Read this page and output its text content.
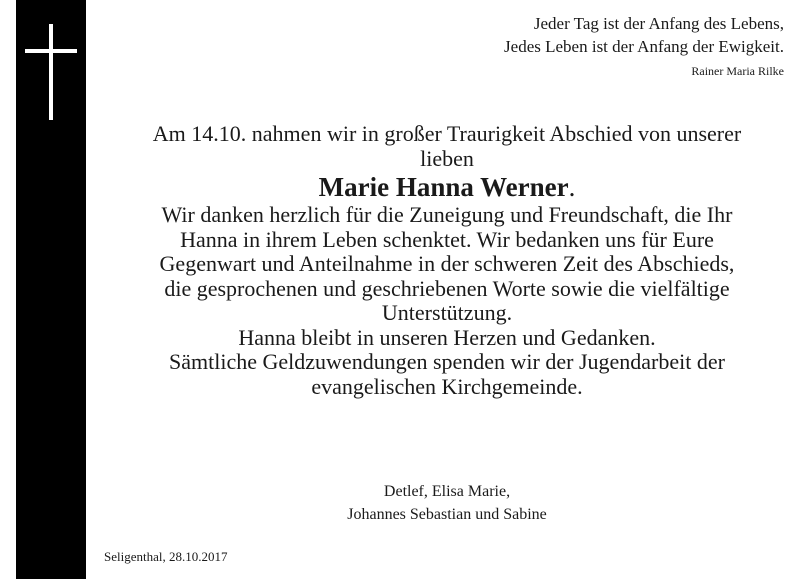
Jeder Tag ist der Anfang des Lebens,
Jedes Leben ist der Anfang der Ewigkeit.
Rainer Maria Rilke
Am 14.10. nahmen wir in großer Traurigkeit Abschied von unserer
lieben
Marie Hanna Werner.
Wir danken herzlich für die Zuneigung und Freundschaft, die Ihr
Hanna in ihrem Leben schenktet. Wir bedanken uns für Eure
Gegenwart und Anteilnahme in der schweren Zeit des Abschieds,
die gesprochenen und geschriebenen Worte sowie die vielfältige
Unterstützung.
Hanna bleibt in unseren Herzen und Gedanken.
Sämtliche Geldzuwendungen spenden wir der Jugendarbeit der
evangelischen Kirchgemeinde.
Detlef, Elisa Marie,
Johannes Sebastian und Sabine
Seligenthal, 28.10.2017
